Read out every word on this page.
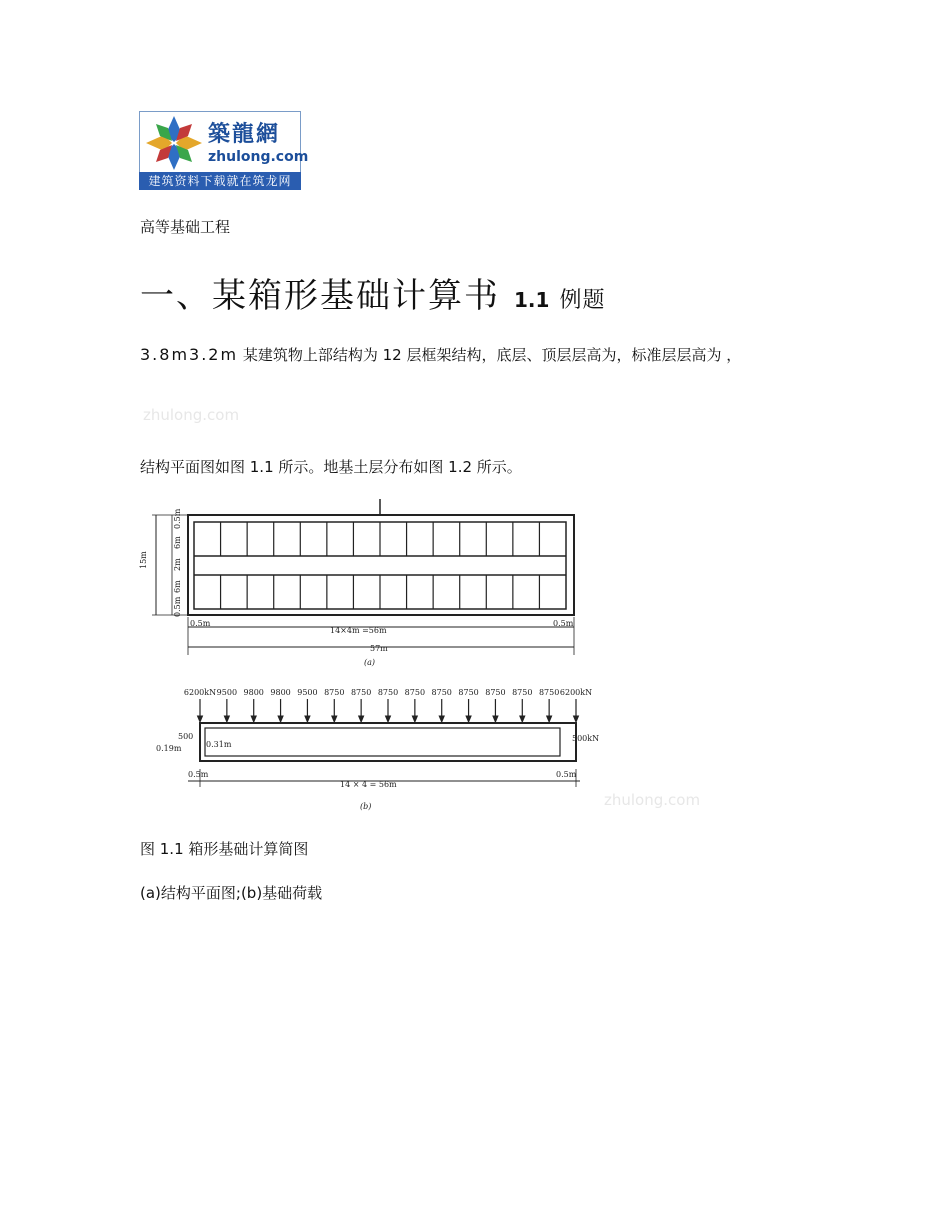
築龍網
zhulong.com
建筑资料下载就在筑龙网
高等基础工程
一、某箱形基础计算书 1.1 例题
3.8m3.2m 某建筑物上部结构为 12 层框架结构，底层、顶层层高为，标准层层高为 ，
zhulong.com
结构平面图如图 1.1 所示。地基土层分布如图 1.2 所示。
14×4m =56m
57m
0.5m	0.5m
(a)
15m
0.5m
6m
2m
6m
0.5m
6200kN 9500 9800 9800 9500 8750 8750 8750 8750 8750 8750 8750 8750 8750 6200kN
500kN
500
0.19m	0.31m
0.5m	0.5m
14 × 4 = 56m
(b)	zhulong.com
图 1.1 箱形基础计算简图
(a)结构平面图;(b)基础荷载
